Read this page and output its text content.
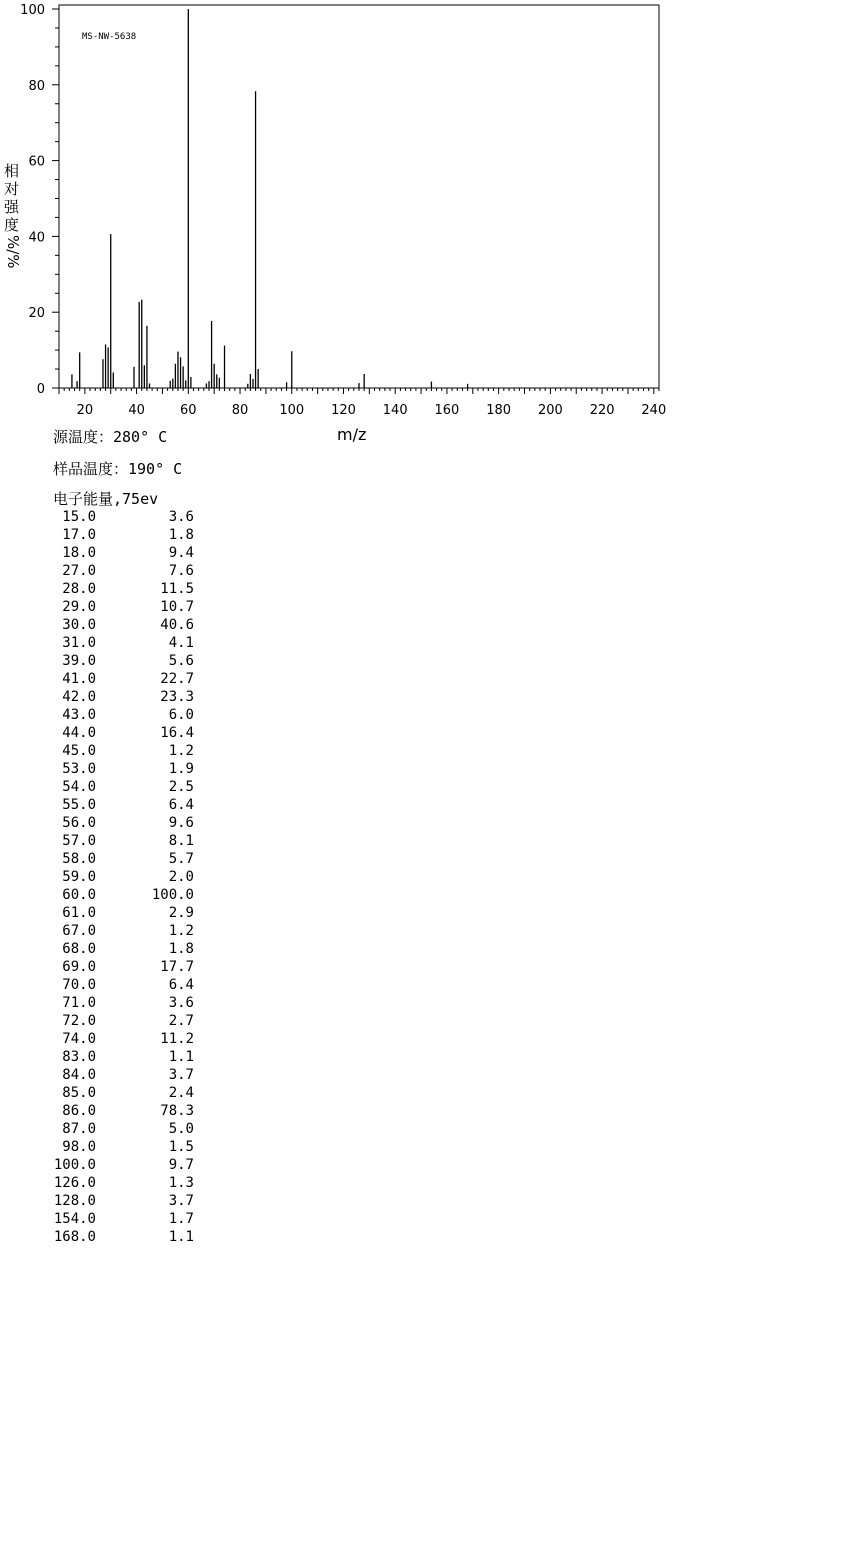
MS-NW-5638
相
对
强
度
%/%
0
20
40
60
80
100
20	40	60	80 100 120 140 160 180 200 220 240
m/z
源温度：280° C
样品温度：190° C
电子能量,75ev
15.0	3.6
17.0	1.8
18.0	9.4
27.0	7.6
28.0	11.5
29.0	10.7
30.0	40.6
31.0	4.1
39.0	5.6
41.0	22.7
42.0	23.3
43.0	6.0
44.0	16.4
45.0	1.2
53.0	1.9
54.0	2.5
55.0	6.4
56.0	9.6
57.0	8.1
58.0	5.7
59.0	2.0
60.0	100.0
61.0	2.9
67.0	1.2
68.0	1.8
69.0	17.7
70.0	6.4
71.0	3.6
72.0	2.7
74.0	11.2
83.0	1.1
84.0	3.7
85.0	2.4
86.0	78.3
87.0	5.0
98.0	1.5
100.0	9.7
126.0	1.3
128.0	3.7
154.0	1.7
168.0	1.1
